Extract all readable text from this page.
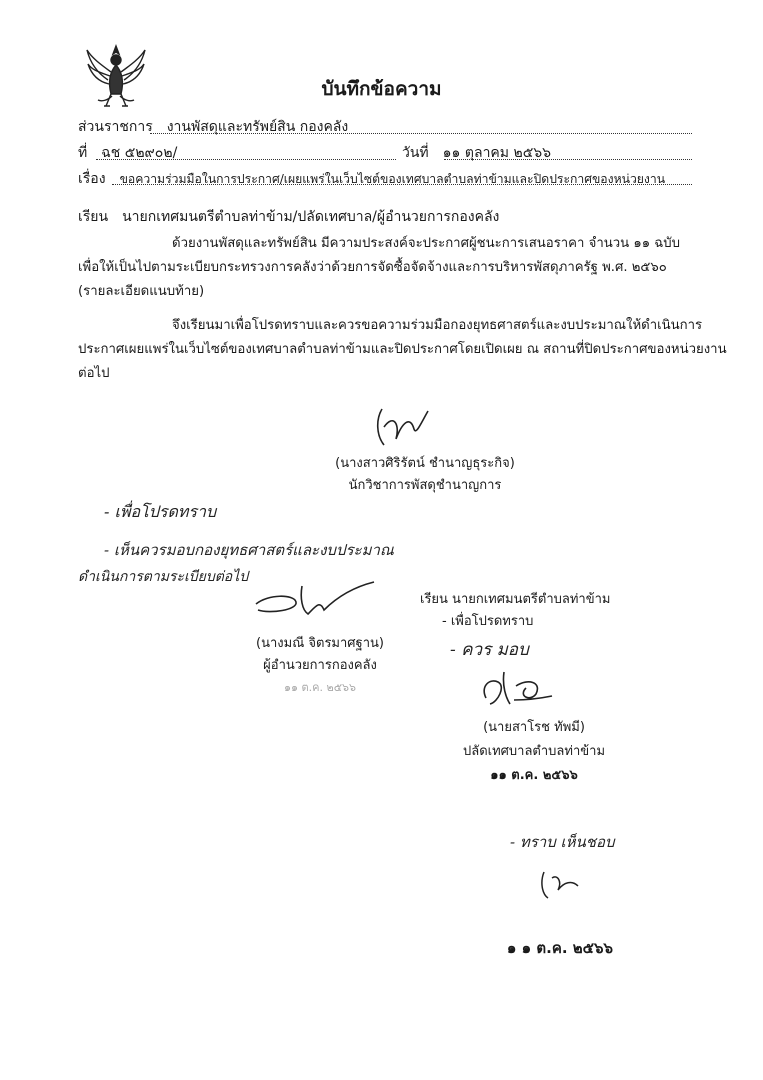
บันทึกข้อความ
ส่วนราชการ งานพัสดุและทรัพย์สิน กองคลัง
ที่ ฉช ๕๒๙๐๒/	วันที่ ๑๑ ตุลาคม ๒๕๖๖
เรื่อง ขอความร่วมมือในการประกาศ/เผยแพร่ในเว็บไซต์ของเทศบาลตำบลท่าข้ามและปิดประกาศของหน่วยงาน
เรียน นายกเทศมนตรีตำบลท่าข้าม/ปลัดเทศบาล/ผู้อำนวยการกองคลัง
ด้วยงานพัสดุและทรัพย์สิน มีความประสงค์จะประกาศผู้ชนะการเสนอราคา จำนวน ๑๑ ฉบับ
เพื่อให้เป็นไปตามระเบียบกระทรวงการคลังว่าด้วยการจัดซื้อจัดจ้างและการบริหารพัสดุภาครัฐ พ.ศ. ๒๕๖๐
(รายละเอียดแนบท้าย)
จึงเรียนมาเพื่อโปรดทราบและควรขอความร่วมมือกองยุทธศาสตร์และงบประมาณให้ดำเนินการ
ประกาศเผยแพร่ในเว็บไซต์ของเทศบาลตำบลท่าข้ามและปิดประกาศโดยเปิดเผย ณ สถานที่ปิดประกาศของหน่วยงาน
ต่อไป
(นางสาวศิริรัตน์ ชำนาญธุระกิจ)
นักวิชาการพัสดุชำนาญการ
- เพื่อโปรดทราบ
- เห็นควรมอบกองยุทธศาสตร์และงบประมาณ
ดำเนินการตามระเบียบต่อไป
(นางมณี จิตรมาศฐาน)
ผู้อำนวยการกองคลัง
๑๑ ต.ค. ๒๕๖๖
เรียน นายกเทศมนตรีตำบลท่าข้าม
- เพื่อโปรดทราบ
- ควร มอบ
(นายสาโรช ทัพมี)
ปลัดเทศบาลตำบลท่าข้าม
๑๑ ต.ค. ๒๕๖๖
- ทราบ เห็นชอบ
๑ ๑ ต.ค. ๒๕๖๖
